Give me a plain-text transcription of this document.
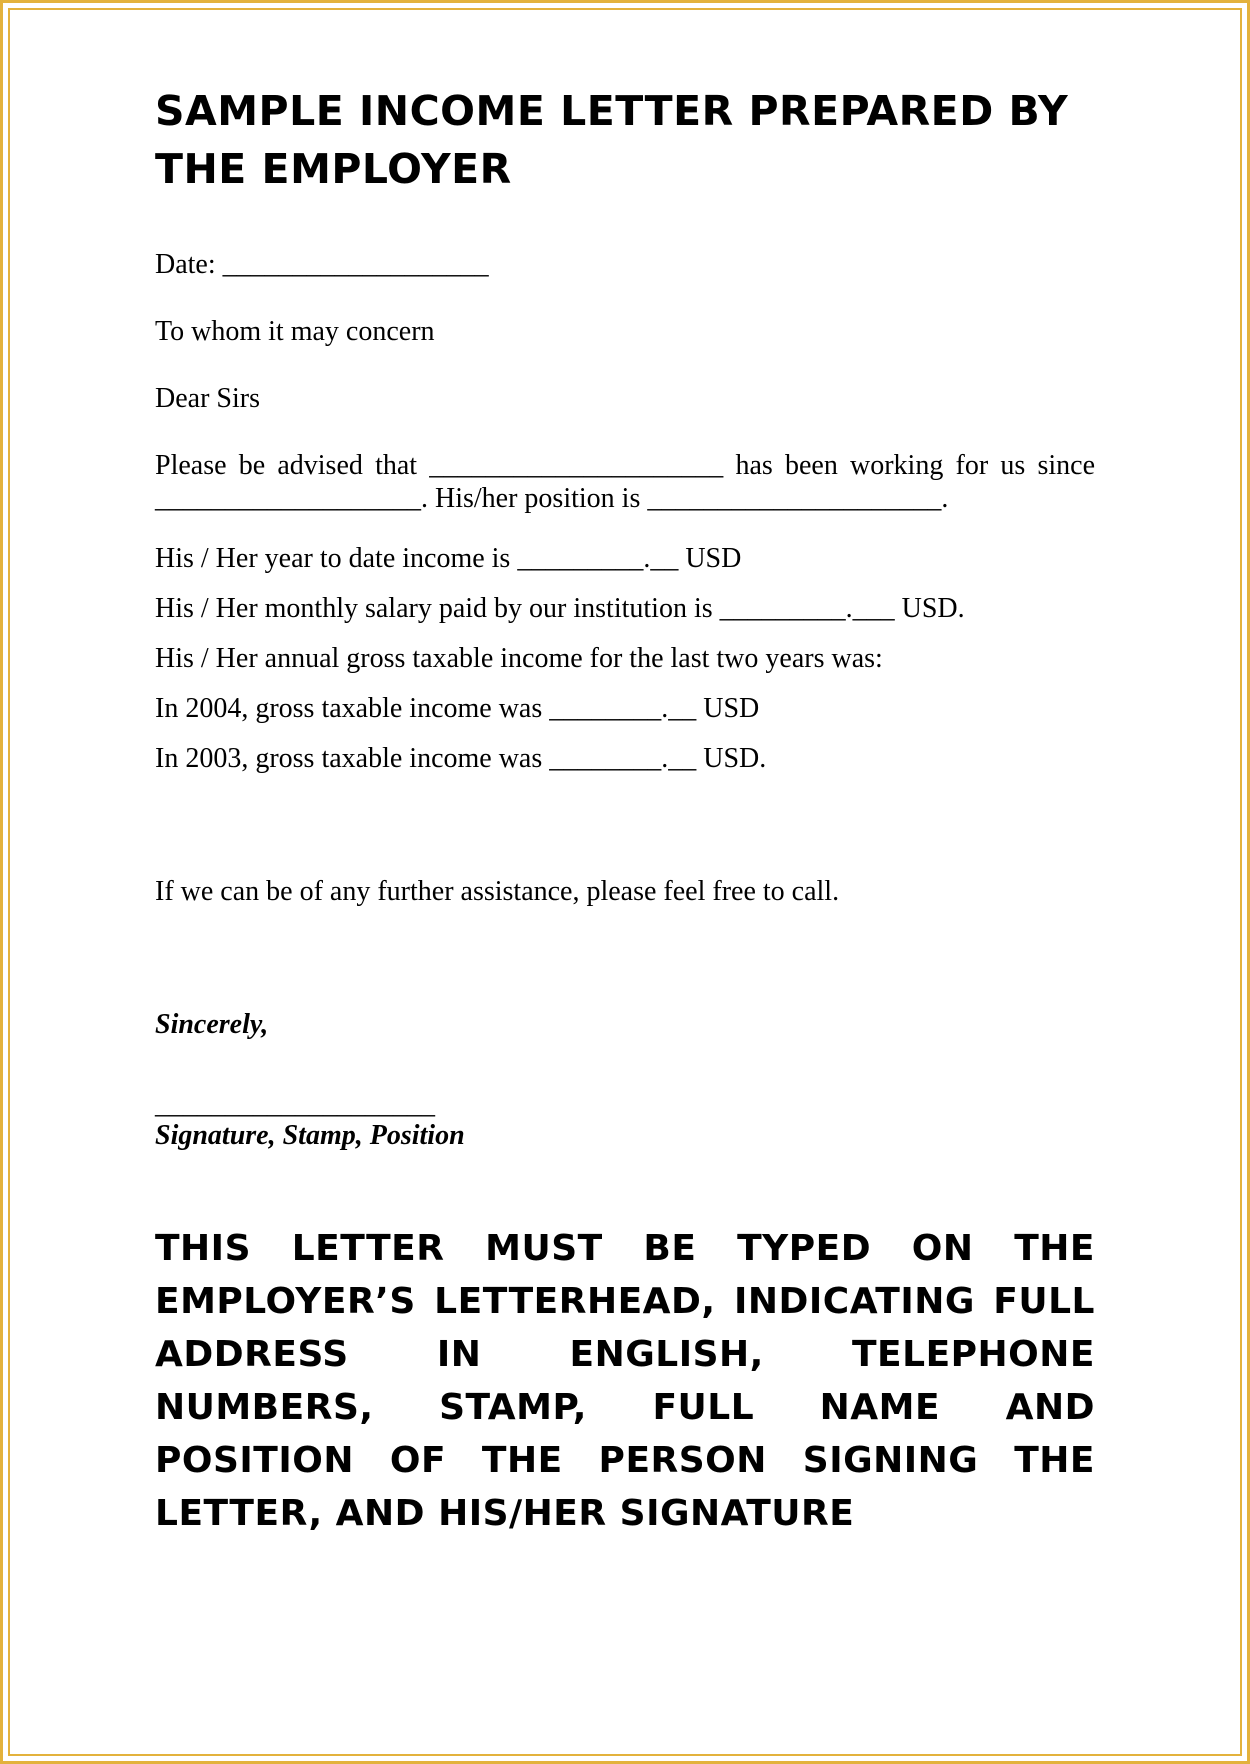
SAMPLE INCOME LETTER PREPARED BY THE EMPLOYER

Date: ___________________

To whom it may concern

Dear Sirs

Please be advised that _____________________ has been working for us since ___________________. His/her position is _____________________.

His / Her year to date income is _________.__ USD

His / Her monthly salary paid by our institution is _________.___ USD.

His / Her annual gross taxable income for the last two years was:

In 2004, gross taxable income was ________.__ USD

In 2003, gross taxable income was ________.__ USD.

If we can be of any further assistance, please feel free to call.

Sincerely,

____________________

Signature, Stamp, Position

THIS LETTER MUST BE TYPED ON THE EMPLOYER’S LETTERHEAD, INDICATING FULL ADDRESS IN ENGLISH, TELEPHONE NUMBERS, STAMP, FULL NAME AND POSITION OF THE PERSON SIGNING THE LETTER, AND HIS/HER SIGNATURE
